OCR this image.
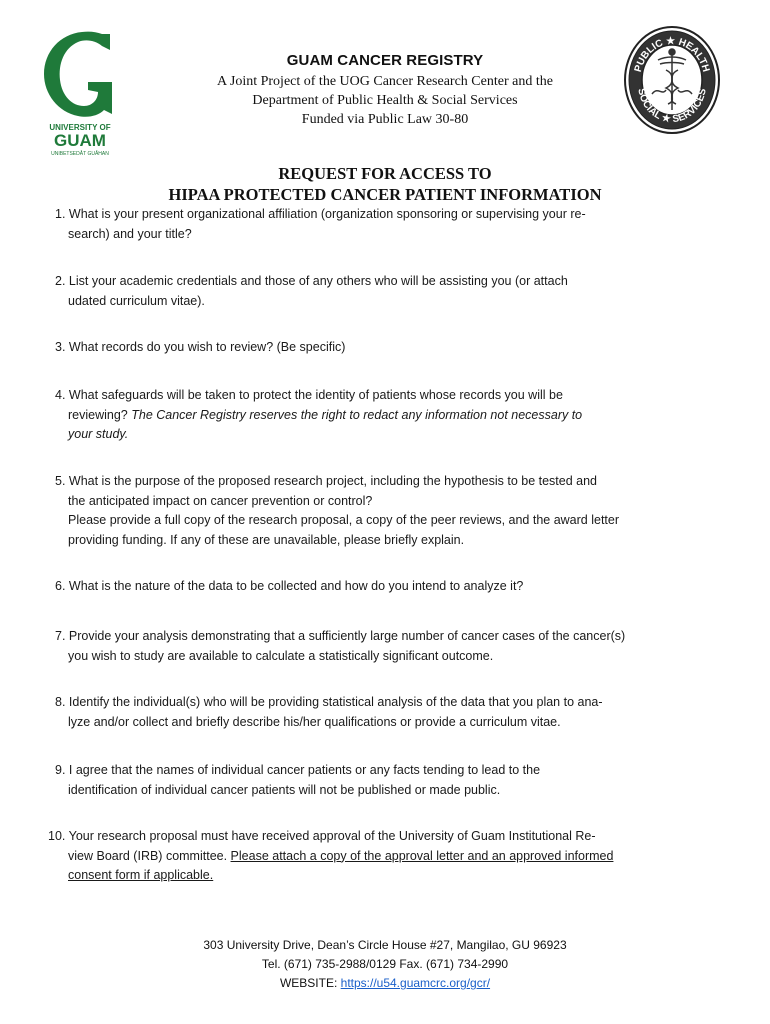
UNIVERSITY OF
GUAM
UNIBETSEDÅT GUÅHAN
PUBLIC ★ HEALTH
SOCIAL ★ SERVICES
GUAM CANCER REGISTRY
A Joint Project of the UOG Cancer Research Center and the
Department of Public Health & Social Services
Funded via Public Law 30-80
REQUEST FOR ACCESS TO
HIPAA PROTECTED CANCER PATIENT INFORMATION
1. What is your present organizational affiliation (organization sponsoring or supervising your re-
search) and your title?
2. List your academic credentials and those of any others who will be assisting you (or attach
udated curriculum vitae).
3. What records do you wish to review? (Be specific)
4. What safeguards will be taken to protect the identity of patients whose records you will be
reviewing? The Cancer Registry reserves the right to redact any information not necessary to
your study.
5. What is the purpose of the proposed research project, including the hypothesis to be tested and
the anticipated impact on cancer prevention or control?
Please provide a full copy of the research proposal, a copy of the peer reviews, and the award letter
providing funding. If any of these are unavailable, please briefly explain.
6. What is the nature of the data to be collected and how do you intend to analyze it?
7. Provide your analysis demonstrating that a sufficiently large number of cancer cases of the cancer(s)
you wish to study are available to calculate a statistically significant outcome.
8. Identify the individual(s) who will be providing statistical analysis of the data that you plan to ana-
lyze and/or collect and briefly describe his/her qualifications or provide a curriculum vitae.
9. I agree that the names of individual cancer patients or any facts tending to lead to the
identification of individual cancer patients will not be published or made public.
10. Your research proposal must have received approval of the University of Guam Institutional Re-
view Board (IRB) committee. Please attach a copy of the approval letter and an approved informed
consent form if applicable.
303 University Drive, Dean’s Circle House #27, Mangilao, GU 96923
Tel. (671) 735-2988/0129 Fax. (671) 734-2990
WEBSITE: https://u54.guamcrc.org/gcr/
